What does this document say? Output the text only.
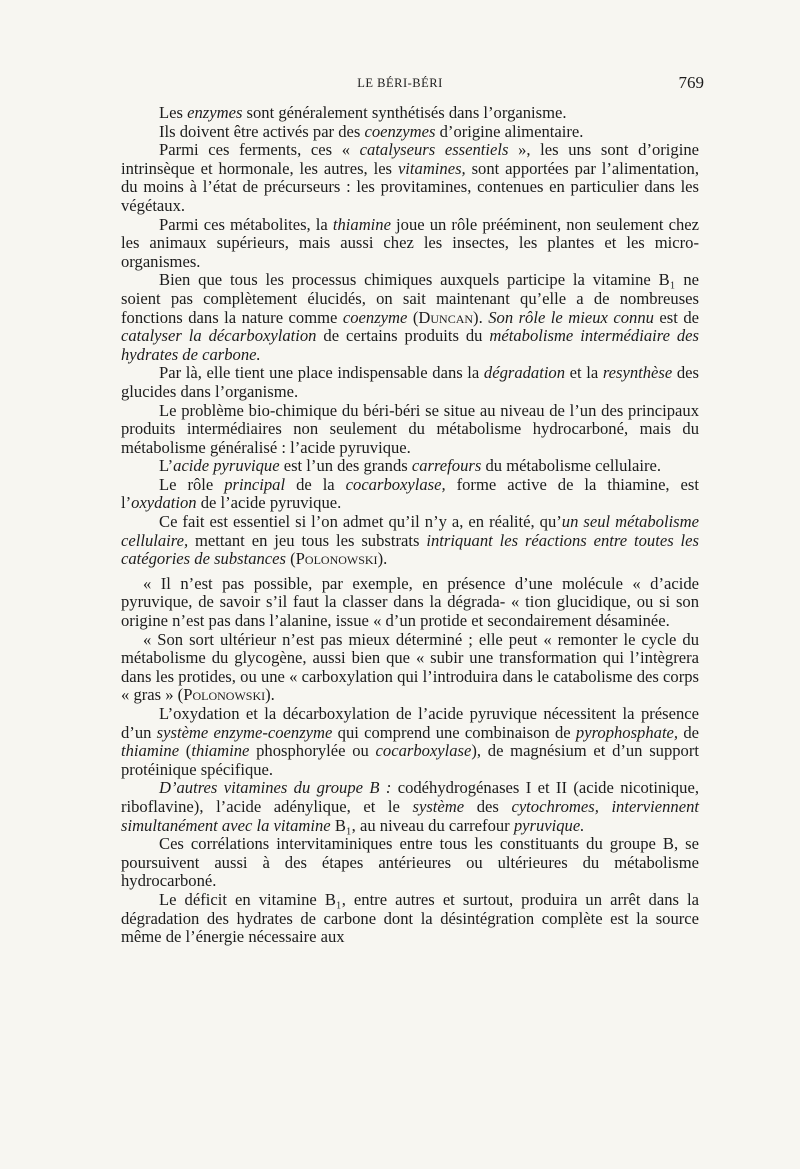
LE BÉRI-BÉRI	769

Les enzymes sont généralement synthétisés dans l’organisme.

Ils doivent être activés par des coenzymes d’origine alimentaire.

Parmi ces ferments, ces « catalyseurs essentiels », les uns sont d’origine intrinsèque et hormonale, les autres, les vitamines, sont apportées par l’alimentation, du moins à l’état de précurseurs : les provitamines, contenues en particulier dans les végétaux.

Parmi ces métabolites, la thiamine joue un rôle prééminent, non seulement chez les animaux supérieurs, mais aussi chez les insectes, les plantes et les micro-organismes.

Bien que tous les processus chimiques auxquels participe la vitamine B₁ ne soient pas complètement élucidés, on sait maintenant qu’elle a de nombreuses fonctions dans la nature comme coenzyme (Duncan). Son rôle le mieux connu est de catalyser la décarboxylation de certains produits du métabolisme intermédiaire des hydrates de carbone.

Par là, elle tient une place indispensable dans la dégradation et la resynthèse des glucides dans l’organisme.

Le problème bio-chimique du béri-béri se situe au niveau de l’un des principaux produits intermédiaires non seulement du métabolisme hydrocarboné, mais du métabolisme généralisé : l’acide pyruvique.

L’acide pyruvique est l’un des grands carrefours du métabolisme cellulaire.

Le rôle principal de la cocarboxylase, forme active de la thiamine, est l’oxydation de l’acide pyruvique.

Ce fait est essentiel si l’on admet qu’il n’y a, en réalité, qu’un seul métabolisme cellulaire, mettant en jeu tous les substrats intriquant les réactions entre toutes les catégories de substances (Polonowski).

« Il n’est pas possible, par exemple, en présence d’une molécule « d’acide pyruvique, de savoir s’il faut la classer dans la dégrada- « tion glucidique, ou si son origine n’est pas dans l’alanine, issue « d’un protide et secondairement désaminée.

« Son sort ultérieur n’est pas mieux déterminé ; elle peut « remonter le cycle du métabolisme du glycogène, aussi bien que « subir une transformation qui l’intègrera dans les protides, ou une « carboxylation qui l’introduira dans le catabolisme des corps « gras » (Polonowski).

L’oxydation et la décarboxylation de l’acide pyruvique nécessitent la présence d’un système enzyme-coenzyme qui comprend une combinaison de pyrophosphate, de thiamine (thiamine phosphorylée ou cocarboxylase), de magnésium et d’un support protéinique spécifique.

D’autres vitamines du groupe B : codéhydrogénases I et II (acide nicotinique, riboflavine), l’acide adénylique, et le système des cytochromes, interviennent simultanément avec la vitamine B₁, au niveau du carrefour pyruvique.

Ces corrélations intervitaminiques entre tous les constituants du groupe B, se poursuivent aussi à des étapes antérieures ou ultérieures du métabolisme hydrocarboné.

Le déficit en vitamine B₁, entre autres et surtout, produira un arrêt dans la dégradation des hydrates de carbone dont la désintégration complète est la source même de l’énergie nécessaire aux
